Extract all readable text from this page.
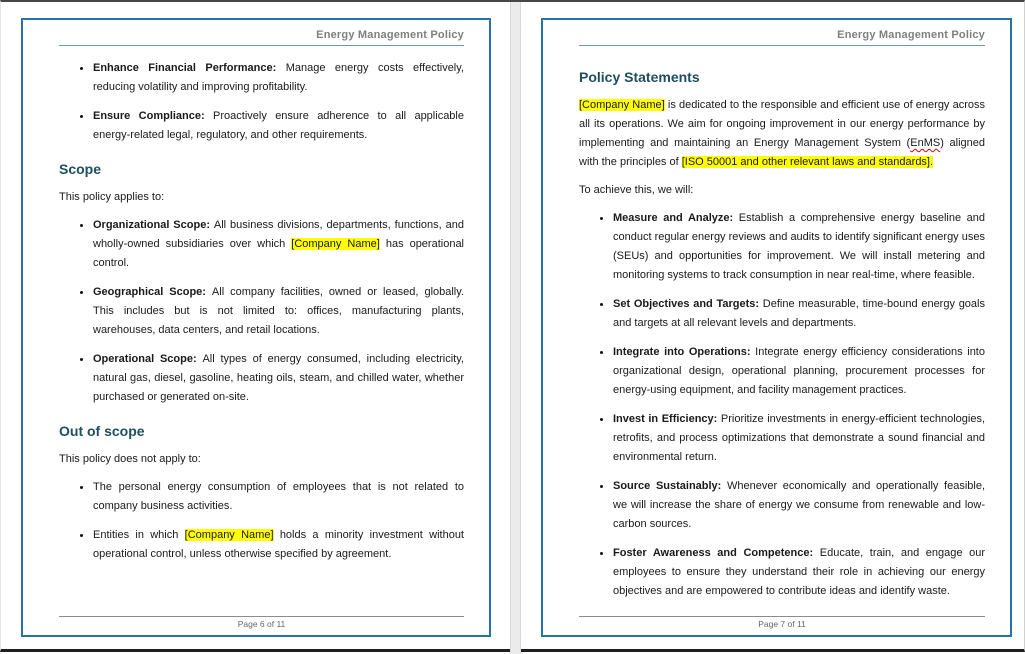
Energy Management Policy
• Enhance Financial Performance: Manage energy costs effectively, reducing volatility and improving profitability.
• Ensure Compliance: Proactively ensure adherence to all applicable energy-related legal, regulatory, and other requirements.
Scope

This policy applies to:

• Organizational Scope: All business divisions, departments, functions, and wholly-owned subsidiaries over which [Company Name] has operational control.
• Geographical Scope: All company facilities, owned or leased, globally. This includes but is not limited to: offices, manufacturing plants, warehouses, data centers, and retail locations.
• Operational Scope: All types of energy consumed, including electricity, natural gas, diesel, gasoline, heating oils, steam, and chilled water, whether purchased or generated on-site.
Out of scope

This policy does not apply to:

• The personal energy consumption of employees that is not related to company business activities.
• Entities in which [Company Name] holds a minority investment without operational control, unless otherwise specified by agreement.
Page 6 of 11
Energy Management Policy
Policy Statements

[Company Name] is dedicated to the responsible and efficient use of energy across all its operations. We aim for ongoing improvement in our energy performance by implementing and maintaining an Energy Management System (EnMS) aligned with the principles of [ISO 50001 and other relevant laws and standards].

To achieve this, we will:

• Measure and Analyze: Establish a comprehensive energy baseline and conduct regular energy reviews and audits to identify significant energy uses (SEUs) and opportunities for improvement. We will install metering and monitoring systems to track consumption in near real-time, where feasible.
• Set Objectives and Targets: Define measurable, time-bound energy goals and targets at all relevant levels and departments.
• Integrate into Operations: Integrate energy efficiency considerations into organizational design, operational planning, procurement processes for energy-using equipment, and facility management practices.
• Invest in Efficiency: Prioritize investments in energy-efficient technologies, retrofits, and process optimizations that demonstrate a sound financial and environmental return.
• Source Sustainably: Whenever economically and operationally feasible, we will increase the share of energy we consume from renewable and low-carbon sources.
• Foster Awareness and Competence: Educate, train, and engage our employees to ensure they understand their role in achieving our energy objectives and are empowered to contribute ideas and identify waste.
Page 7 of 11
